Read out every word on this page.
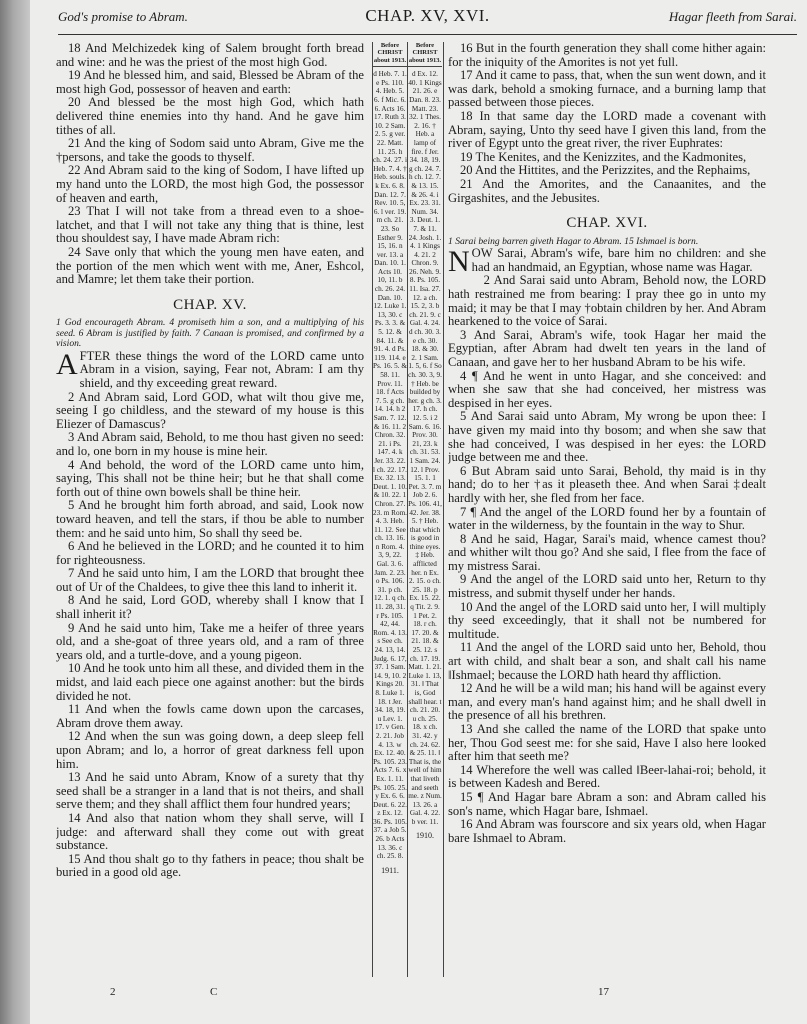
God's promise to Abram.	CHAP. XV, XVI.	Hagar fleeth from Sarai.

18 And Melchizedek king of Salem brought forth bread and wine: and he was the priest of the most high God.

19 And he blessed him, and said, Blessed be Abram of the most high God, possessor of heaven and earth:

20 And blessed be the most high God, which hath delivered thine enemies into thy hand. And he gave him tithes of all.

21 And the king of Sodom said unto Abram, Give me the †persons, and take the goods to thyself.

22 And Abram said to the king of Sodom, I have lifted up my hand unto the LORD, the most high God, the possessor of heaven and earth,

23 That I will not take from a thread even to a shoe-latchet, and that I will not take any thing that is thine, lest thou shouldest say, I have made Abram rich:

24 Save only that which the young men have eaten, and the portion of the men which went with me, Aner, Eshcol, and Mamre; let them take their portion.

CHAP. XV.

1 God encourageth Abram. 4 promiseth him a son, and a multiplying of his seed. 6 Abram is justified by faith. 7 Canaan is promised, and confirmed by a vision.

AFTER these things the word of the LORD came unto Abram in a vision, saying, Fear not, Abram: I am thy shield, and thy exceeding great reward.

2 And Abram said, Lord GOD, what wilt thou give me, seeing I go childless, and the steward of my house is this Eliezer of Damascus?

3 And Abram said, Behold, to me thou hast given no seed: and lo, one born in my house is mine heir.

4 And behold, the word of the LORD came unto him, saying, This shall not be thine heir; but he that shall come forth out of thine own bowels shall be thine heir.

5 And he brought him forth abroad, and said, Look now toward heaven, and tell the stars, if thou be able to number them: and he said unto him, So shall thy seed be.

6 And he believed in the LORD; and he counted it to him for righteousness.

7 And he said unto him, I am the LORD that brought thee out of Ur of the Chaldees, to give thee this land to inherit it.

8 And he said, Lord GOD, whereby shall I know that I shall inherit it?

9 And he said unto him, Take me a heifer of three years old, and a she-goat of three years old, and a ram of three years old, and a turtle-dove, and a young pigeon.

10 And he took unto him all these, and divided them in the midst, and laid each piece one against another: but the birds divided he not.

11 And when the fowls came down upon the carcases, Abram drove them away.

12 And when the sun was going down, a deep sleep fell upon Abram; and lo, a horror of great darkness fell upon him.

13 And he said unto Abram, Know of a surety that thy seed shall be a stranger in a land that is not theirs, and shall serve them; and they shall afflict them four hundred years;

14 And also that nation whom they shall serve, will I judge: and afterward shall they come out with great substance.

15 And thou shalt go to thy fathers in peace; thou shalt be buried in a good old age.

Before CHRIST about 1913.
d Heb. 7. 1. e Ps. 110. 4. Heb. 5. 6. f Mic. 6. 6. Acts 16. 17. Ruth 3. 10. 2 Sam. 2. 5. g ver. 22. Matt. 11. 25. h ch. 24. 27. i Heb. 7. 4. † Heb. souls. k Ex. 6. 8. Dan. 12. 7. Rev. 10. 5, 6. l ver. 19. m ch. 21. 23. So Esther 9. 15, 16. n ver. 13. a Dan. 10. 1. Acts 10. 10, 11. b ch. 26. 24. Dan. 10. 12. Luke 1. 13, 30. c Ps. 3. 3. & 5. 12. & 84. 11. & 91. 4. d Ps. 119. 114. e Ps. 16. 5. & 58. 11. Prov. 11. 18. f Acts 7. 5. g ch. 14. 14. h 2 Sam. 7. 12. & 16. 11. 2 Chron. 32. 21. i Ps. 147. 4. k Jer. 33. 22. l ch. 22. 17. Ex. 32. 13. Deut. 1. 10. & 10. 22. 1 Chron. 27. 23. m Rom. 4. 3. Heb. 11. 12. See ch. 13. 16. n Rom. 4. 3, 9, 22. Gal. 3. 6. Jam. 2. 23. o Ps. 106. 31. p ch. 12. 1. q ch. 11. 28, 31. r Ps. 105. 42, 44. Rom. 4. 13. s See ch. 24. 13, 14. Judg. 6. 17, 37. 1 Sam. 14. 9, 10. 2 Kings 20. 8. Luke 1. 18. t Jer. 34. 18, 19. u Lev. 1. 17. v Gen. 2. 21. Job 4. 13. w Ex. 12. 40. Ps. 105. 23. Acts 7. 6. x Ex. 1. 11. Ps. 105. 25. y Ex. 6. 6. Deut. 6. 22. z Ex. 12. 36. Ps. 105. 37. a Job 5. 26. b Acts 13. 36. c ch. 25. 8.
1911.
Before CHRIST about 1913.
d Ex. 12. 40. 1 Kings 21. 26. e Dan. 8. 23. Matt. 23. 32. 1 Thes. 2. 16. † Heb. a lamp of fire. f Jer. 34. 18, 19. g ch. 24. 7. h ch. 12. 7. & 13. 15. & 26. 4. i Ex. 23. 31. Num. 34. 3. Deut. 1. 7. & 11. 24. Josh. 1. 4. 1 Kings 4. 21. 2 Chron. 9. 26. Neh. 9. 8. Ps. 105. 11. Isa. 27. 12. a ch. 15. 2, 3. b ch. 21. 9. c Gal. 4. 24. d ch. 30. 3. e ch. 30. 18. & 30. 2. 1 Sam. 1. 5, 6. f So ch. 30. 3, 9. † Heb. be builded by her. g ch. 3. 17. h ch. 12. 5. i 2 Sam. 6. 16. Prov. 30. 21, 23. k ch. 31. 53. 1 Sam. 24. 12. l Prov. 15. 1. 1 Pet. 3. 7. m Job 2. 6. Ps. 106. 41, 42. Jer. 38. 5. † Heb. that which is good in thine eyes. ‡ Heb. afflicted her. n Ex. 2. 15. o ch. 25. 18. p Ex. 15. 22. q Tit. 2. 9. 1 Pet. 2. 18. r ch. 17. 20. & 21. 18. & 25. 12. s ch. 17. 19. Matt. 1. 21. Luke 1. 13, 31. ‖ That is, God shall hear. t ch. 21. 20. u ch. 25. 18. x ch. 31. 42. y ch. 24. 62. & 25. 11. ‖ That is, the well of him that liveth and seeth me. z Num. 13. 26. a Gal. 4. 22. b ver. 11.
1910.

16 But in the fourth generation they shall come hither again: for the iniquity of the Amorites is not yet full.

17 And it came to pass, that, when the sun went down, and it was dark, behold a smoking furnace, and a burning lamp that passed between those pieces.

18 In that same day the LORD made a covenant with Abram, saying, Unto thy seed have I given this land, from the river of Egypt unto the great river, the river Euphrates:

19 The Kenites, and the Kenizzites, and the Kadmonites,

20 And the Hittites, and the Perizzites, and the Rephaims,

21 And the Amorites, and the Canaanites, and the Girgashites, and the Jebusites.

CHAP. XVI.

1 Sarai being barren giveth Hagar to Abram. 15 Ishmael is born.

NOW Sarai, Abram's wife, bare him no children: and she had an handmaid, an Egyptian, whose name was Hagar.

2 And Sarai said unto Abram, Behold now, the LORD hath restrained me from bearing: I pray thee go in unto my maid; it may be that I may †obtain children by her. And Abram hearkened to the voice of Sarai.

3 And Sarai, Abram's wife, took Hagar her maid the Egyptian, after Abram had dwelt ten years in the land of Canaan, and gave her to her husband Abram to be his wife.

4 ¶ And he went in unto Hagar, and she conceived: and when she saw that she had conceived, her mistress was despised in her eyes.

5 And Sarai said unto Abram, My wrong be upon thee: I have given my maid into thy bosom; and when she saw that she had conceived, I was despised in her eyes: the LORD judge between me and thee.

6 But Abram said unto Sarai, Behold, thy maid is in thy hand; do to her †as it pleaseth thee. And when Sarai ‡dealt hardly with her, she fled from her face.

7 ¶ And the angel of the LORD found her by a fountain of water in the wilderness, by the fountain in the way to Shur.

8 And he said, Hagar, Sarai's maid, whence camest thou? and whither wilt thou go? And she said, I flee from the face of my mistress Sarai.

9 And the angel of the LORD said unto her, Return to thy mistress, and submit thyself under her hands.

10 And the angel of the LORD said unto her, I will multiply thy seed exceedingly, that it shall not be numbered for multitude.

11 And the angel of the LORD said unto her, Behold, thou art with child, and shalt bear a son, and shalt call his name ‖Ishmael; because the LORD hath heard thy affliction.

12 And he will be a wild man; his hand will be against every man, and every man's hand against him; and he shall dwell in the presence of all his brethren.

13 And she called the name of the LORD that spake unto her, Thou God seest me: for she said, Have I also here looked after him that seeth me?

14 Wherefore the well was called ‖Beer-lahai-roi; behold, it is between Kadesh and Bered.

15 ¶ And Hagar bare Abram a son: and Abram called his son's name, which Hagar bare, Ishmael.

16 And Abram was fourscore and six years old, when Hagar bare Ishmael to Abram.

2	C	17
